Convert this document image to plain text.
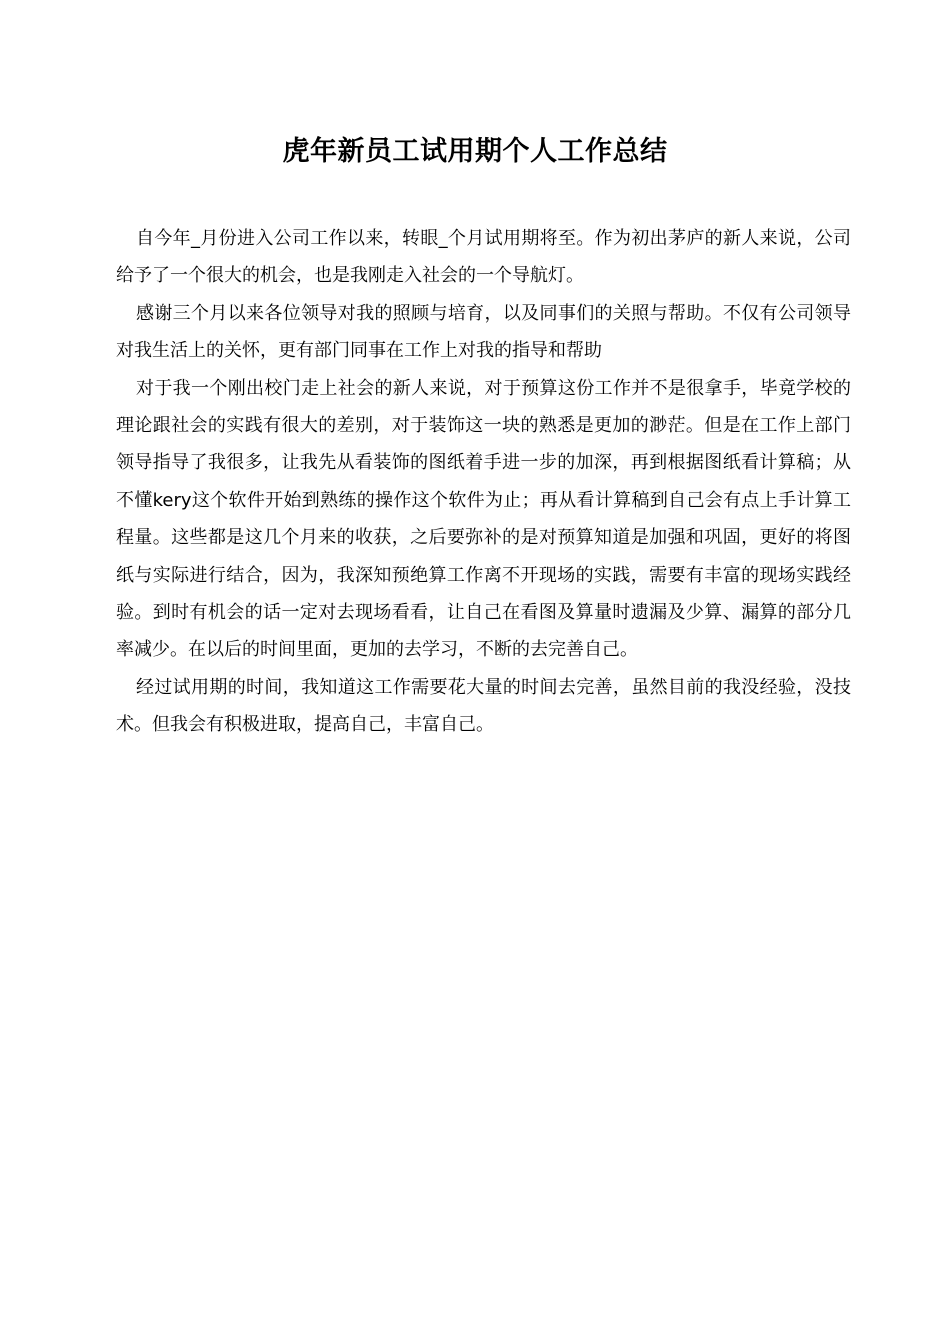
虎年新员工试用期个人工作总结

自今年_月份进入公司工作以来，转眼_个月试用期将至。作为初出茅庐的新人来说，公司给予了一个很大的机会，也是我刚走入社会的一个导航灯。

感谢三个月以来各位领导对我的照顾与培育，以及同事们的关照与帮助。不仅有公司领导对我生活上的关怀，更有部门同事在工作上对我的指导和帮助

对于我一个刚出校门走上社会的新人来说，对于预算这份工作并不是很拿手，毕竟学校的理论跟社会的实践有很大的差别，对于装饰这一块的熟悉是更加的渺茫。但是在工作上部门领导指导了我很多，让我先从看装饰的图纸着手进一步的加深，再到根据图纸看计算稿；从不懂kery这个软件开始到熟练的操作这个软件为止；再从看计算稿到自己会有点上手计算工程量。这些都是这几个月来的收获，之后要弥补的是对预算知道是加强和巩固，更好的将图纸与实际进行结合，因为，我深知预绝算工作离不开现场的实践，需要有丰富的现场实践经验。到时有机会的话一定对去现场看看，让自己在看图及算量时遗漏及少算、漏算的部分几率减少。在以后的时间里面，更加的去学习，不断的去完善自己。

经过试用期的时间，我知道这工作需要花大量的时间去完善，虽然目前的我没经验，没技术。但我会有积极进取，提高自己，丰富自己。
